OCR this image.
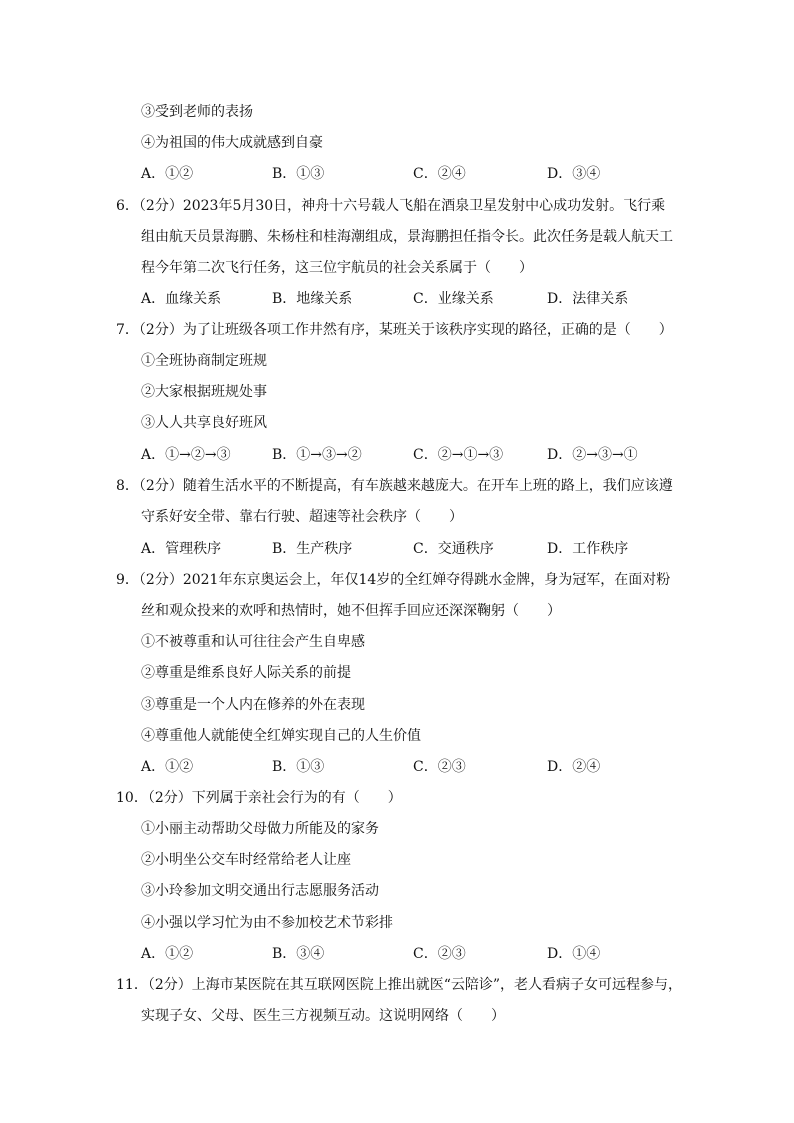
③受到老师的表扬
④为祖国的伟大成就感到自豪
A．①②	B．①③	C．②④	D．③④
6．（2分）2023年5月30日，神舟十六号载人飞船在酒泉卫星发射中心成功发射。飞行乘
组由航天员景海鹏、朱杨柱和桂海潮组成，景海鹏担任指令长。此次任务是载人航天工
程今年第二次飞行任务，这三位宇航员的社会关系属于（　　）
A．血缘关系	B．地缘关系	C．业缘关系	D．法律关系
7．（2分）为了让班级各项工作井然有序，某班关于该秩序实现的路径，正确的是（　　）
①全班协商制定班规
②大家根据班规处事
③人人共享良好班风
A．①→②→③	B．①→③→②	C．②→①→③	D．②→③→①
8．（2分）随着生活水平的不断提高，有车族越来越庞大。在开车上班的路上，我们应该遵
守系好安全带、靠右行驶、超速等社会秩序（　　）
A．管理秩序	B．生产秩序	C．交通秩序	D．工作秩序
9．（2分）2021年东京奥运会上，年仅14岁的全红婵夺得跳水金牌，身为冠军，在面对粉
丝和观众投来的欢呼和热情时，她不但挥手回应还深深鞠躬（　　）
①不被尊重和认可往往会产生自卑感
②尊重是维系良好人际关系的前提
③尊重是一个人内在修养的外在表现
④尊重他人就能使全红婵实现自己的人生价值
A．①②	B．①③	C．②③	D．②④
10．（2分）下列属于亲社会行为的有（　　）
①小丽主动帮助父母做力所能及的家务
②小明坐公交车时经常给老人让座
③小玲参加文明交通出行志愿服务活动
④小强以学习忙为由不参加校艺术节彩排
A．①②	B．③④	C．②③	D．①④
11．（2分）上海市某医院在其互联网医院上推出就医“云陪诊”，老人看病子女可远程参与，
实现子女、父母、医生三方视频互动。这说明网络（　　）
